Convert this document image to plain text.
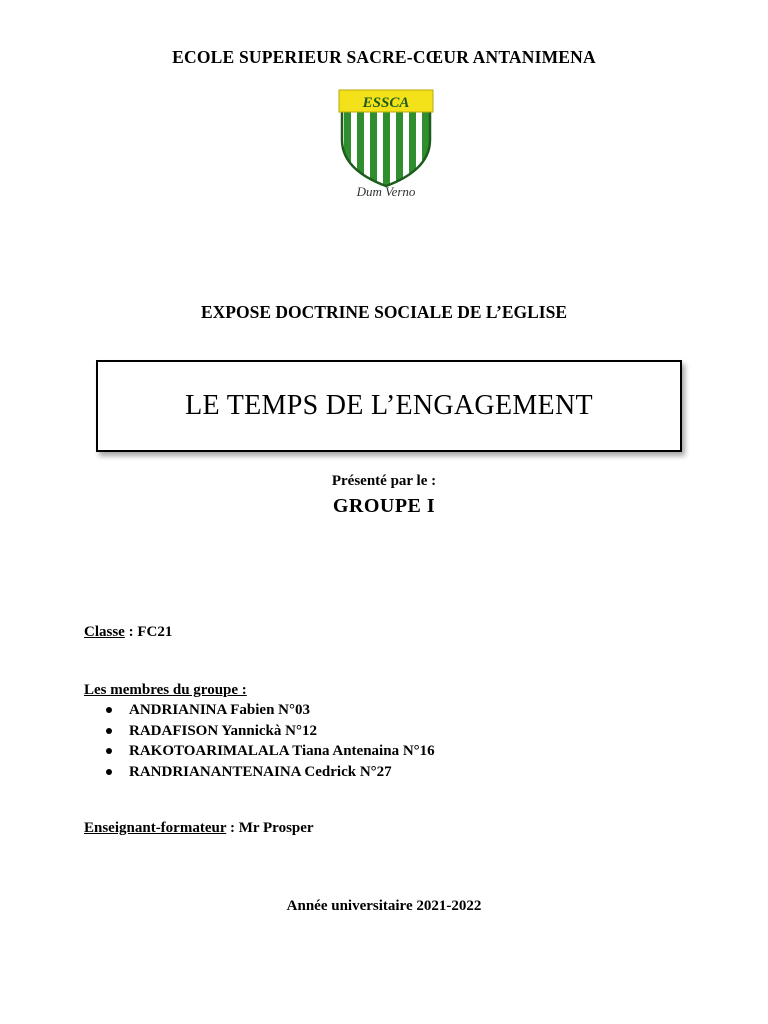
ECOLE SUPERIEUR SACRE-CŒUR ANTANIMENA
ESSCA
Dum Verno
EXPOSE DOCTRINE SOCIALE DE L’EGLISE
LE TEMPS DE L’ENGAGEMENT
Présenté par le :
GROUPE I
Classe : FC21
Les membres du groupe :
ANDRIANINA Fabien N°03
RADAFISON Yannickà N°12
RAKOTOARIMALALA Tiana Antenaina N°16
RANDRIANANTENAINA Cedrick N°27
Enseignant-formateur : Mr Prosper
Année universitaire 2021-2022
